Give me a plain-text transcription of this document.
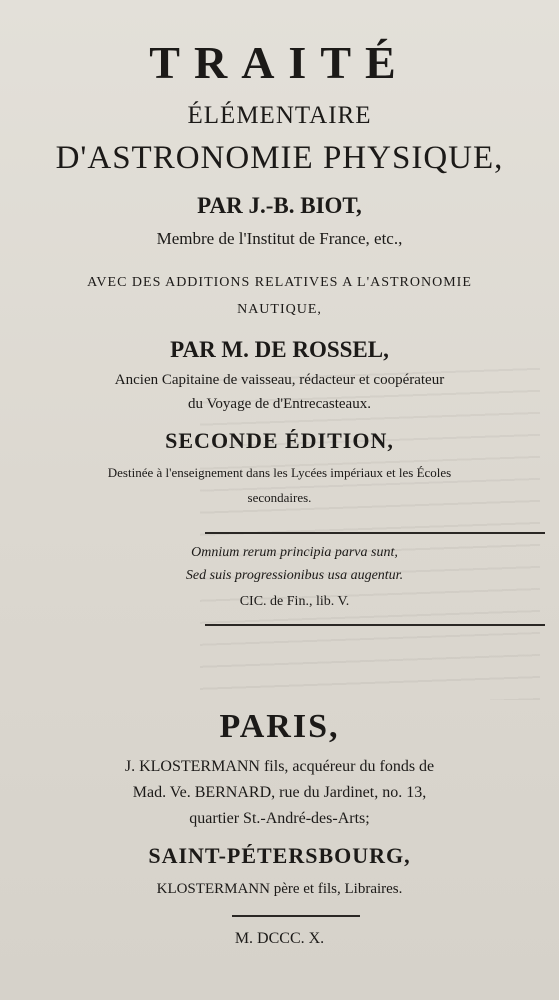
TRAITÉ
ÉLÉMENTAIRE
D'ASTRONOMIE PHYSIQUE,
PAR J.-B. BIOT,
Membre de l'Institut de France, etc.,
AVEC DES ADDITIONS RELATIVES A L'ASTRONOMIE
NAUTIQUE,
PAR M. DE ROSSEL,
Ancien Capitaine de vaisseau, rédacteur et coopérateur
du Voyage de d'Entrecasteaux.
SECONDE ÉDITION,
Destinée à l'enseignement dans les Lycées impériaux et les Écoles
secondaires.
Omnium rerum principia parva sunt,
Sed suis progressionibus usa augentur.
CIC. de Fin., lib. V.
PARIS,
J. KLOSTERMANN fils, acquéreur du fonds de
Mad. Ve. BERNARD, rue du Jardinet, no. 13,
quartier St.-André-des-Arts;
SAINT-PÉTERSBOURG,
KLOSTERMANN père et fils, Libraires.
M. DCCC. X.
